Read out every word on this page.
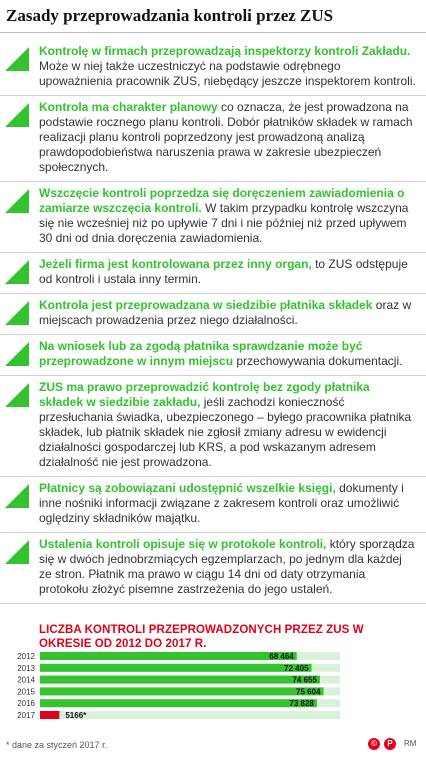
Zasady przeprowadzania kontroli przez ZUS
Kontrolę w firmach przeprowadzają inspektorzy kontroli Zakładu. Może w niej także uczestniczyć na podstawie odrębnego upoważnienia pracownik ZUS, niebędący jeszcze inspektorem kontroli.
Kontrola ma charakter planowy co oznacza, że jest prowadzona na podstawie rocznego planu kontroli. Dobór płatników składek w ramach realizacji planu kontroli poprzedzony jest prowadzoną analizą prawdopodobieństwa naruszenia prawa w zakresie ubezpieczeń społecznych.
Wszczęcie kontroli poprzedza się doręczeniem zawiadomienia o zamiarze wszczęcia kontroli. W takim przypadku kontrolę wszczyna się nie wcześniej niż po upływie 7 dni i nie później niż przed upływem 30 dni od dnia doręczenia zawiadomienia.
Jeżeli firma jest kontrolowana przez inny organ, to ZUS odstępuje od kontroli i ustala inny termin.
Kontrola jest przeprowadzana w siedzibie płatnika składek oraz w miejscach prowadzenia przez niego działalności.
Na wniosek lub za zgodą płatnika sprawdzanie może być przeprowadzone w innym miejscu przechowywania dokumentacji.
ZUS ma prawo przeprowadzić kontrolę bez zgody płatnika składek w siedzibie zakładu, jeśli zachodzi konieczność przesłuchania świadka, ubezpieczonego – byłego pracownika płatnika składek, lub płatnik składek nie zgłosił zmiany adresu w ewidencji działalności gospodarczej lub KRS, a pod wskazanym adresem działalność nie jest prowadzona.
Płatnicy są zobowiązani udostępnić wszelkie księgi, dokumenty i inne nośniki informacji związane z zakresem kontroli oraz umożliwić oględziny składników majątku.
Ustalenia kontroli opisuje się w protokole kontroli, który sporządza się w dwóch jednobrzmiących egzemplarzach, po jednym dla każdej ze stron. Płatnik ma prawo w ciągu 14 dni od daty otrzymania protokołu złożyć pisemne zastrzeżenia do jego ustaleń.
LICZBA KONTROLI PRZEPROWADZONYCH PRZEZ ZUS W OKRESIE OD 2012 DO 2017 R.
2012	68 464
2013	72 405
2014	74 655
2015	75 604
2016	73 828
2017	5166*
* dane za styczeń 2017 r.	©	P	RM
